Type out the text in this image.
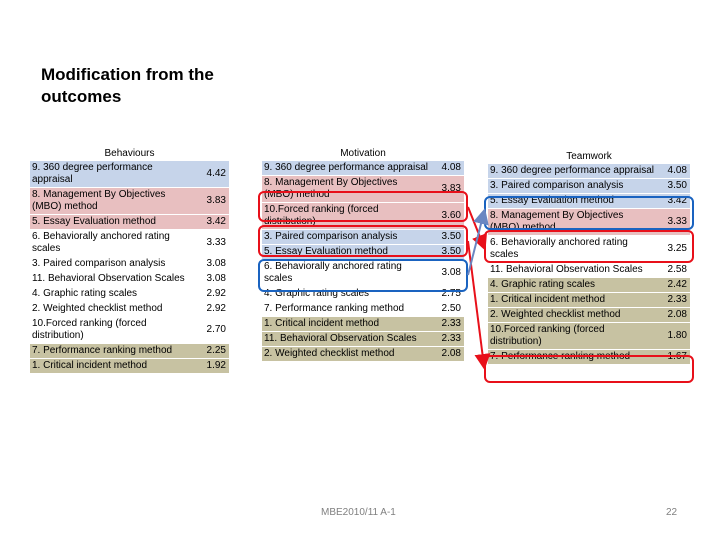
Modification from the outcomes
Behaviours
9. 360 degree performance appraisal	4.42
8. Management By Objectives (MBO) method	3.83
5. Essay Evaluation method	3.42
6. Behaviorally anchored rating scales	3.33
3. Paired comparison analysis	3.08
11. Behavioral Observation Scales	3.08
4. Graphic rating scales	2.92
2. Weighted checklist method	2.92
10.Forced ranking (forced distribution)	2.70
7. Performance ranking method	2.25
1. Critical incident method	1.92
Motivation
9. 360 degree performance appraisal	4.08
8. Management By Objectives (MBO) method	3.83
10.Forced ranking (forced distribution)	3.60
3. Paired comparison analysis	3.50
5. Essay Evaluation method	3.50
6. Behaviorally anchored rating scales	3.08
4. Graphic rating scales	2.75
7. Performance ranking method	2.50
1. Critical incident method	2.33
11. Behavioral Observation Scales	2.33
2. Weighted checklist method	2.08
Teamwork
9. 360 degree performance appraisal	4.08
3. Paired comparison analysis	3.50
5. Essay Evaluation method	3.42
8. Management By Objectives (MBO) method	3.33
6. Behaviorally anchored rating scales	3.25
11. Behavioral Observation Scales	2.58
4. Graphic rating scales	2.42
1. Critical incident method	2.33
2. Weighted checklist method	2.08
10.Forced ranking (forced distribution)	1.80
7. Performance ranking method	1.67
MBE2010/11 A-1	22
